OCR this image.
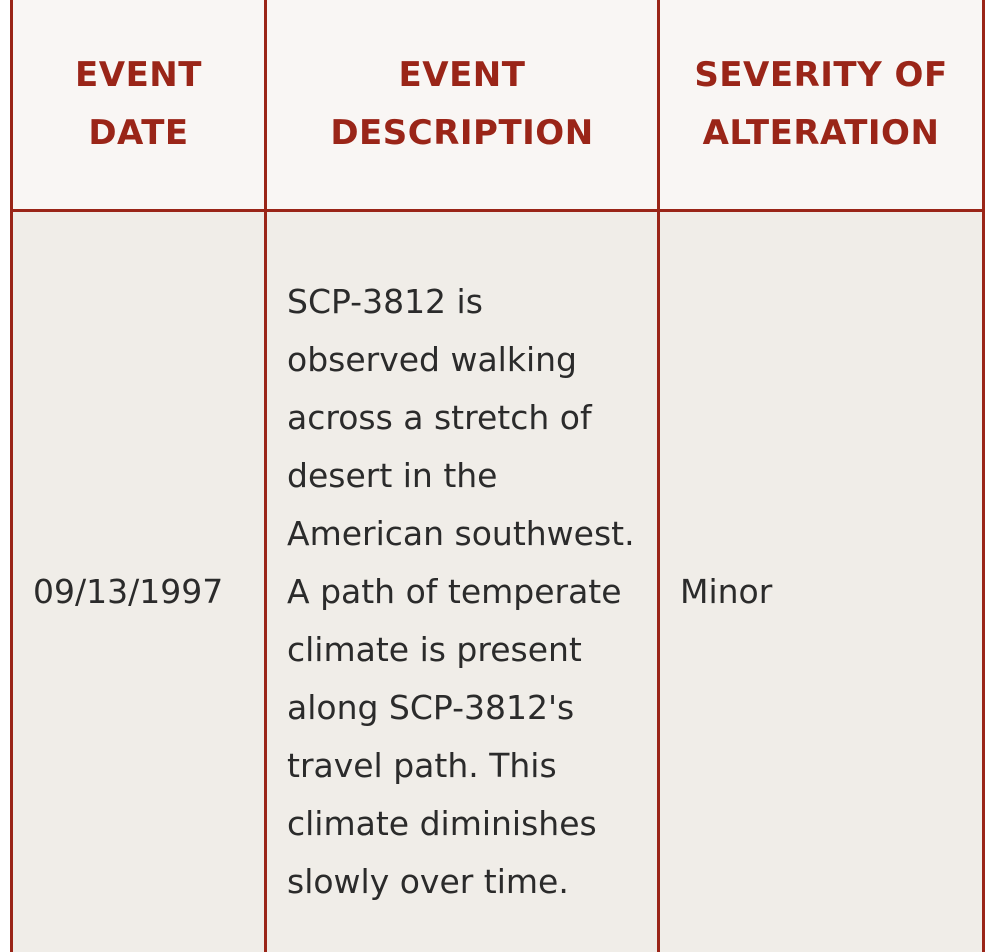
EVENT DATE	EVENT DESCRIPTION	SEVERITY OF ALTERATION
09/13/1997	SCP-3812 is observed walking across a stretch of desert in the American southwest. A path of temperate climate is present along SCP-3812's travel path. This climate diminishes slowly over time.	Minor
